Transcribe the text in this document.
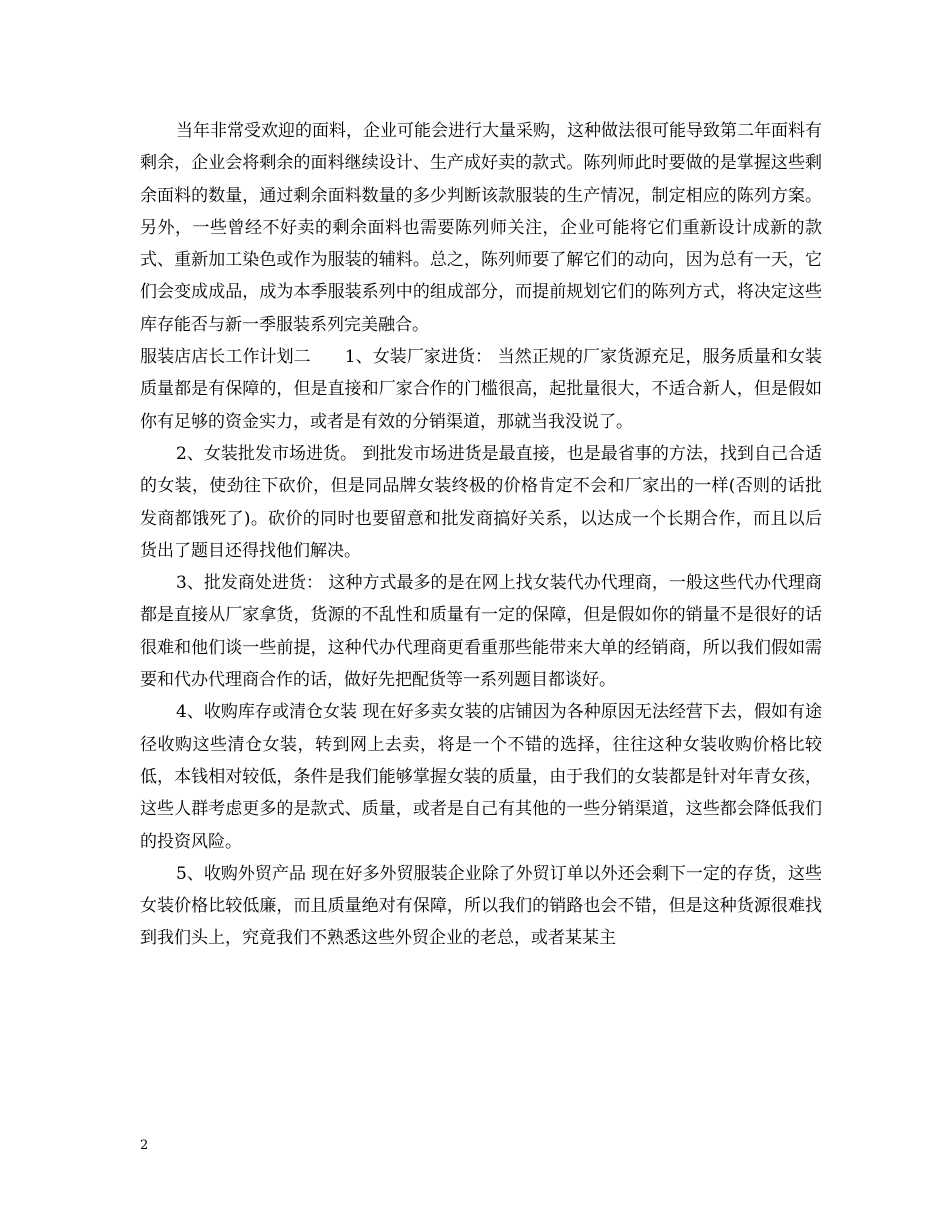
当年非常受欢迎的面料，企业可能会进行大量采购，这种做法很可能导致第二年面料有剩余，企业会将剩余的面料继续设计、生产成好卖的款式。陈列师此时要做的是掌握这些剩余面料的数量，通过剩余面料数量的多少判断该款服装的生产情况，制定相应的陈列方案。另外，一些曾经不好卖的剩余面料也需要陈列师关注，企业可能将它们重新设计成新的款式、重新加工染色或作为服装的辅料。总之，陈列师要了解它们的动向，因为总有一天，它们会变成成品，成为本季服装系列中的组成部分，而提前规划它们的陈列方式，将决定这些库存能否与新一季服装系列完美融合。

服装店店长工作计划二 1、女装厂家进货： 当然正规的厂家货源充足，服务质量和女装质量都是有保障的，但是直接和厂家合作的门槛很高，起批量很大，不适合新人，但是假如你有足够的资金实力，或者是有效的分销渠道，那就当我没说了。

2、女装批发市场进货。 到批发市场进货是最直接，也是最省事的方法，找到自己合适的女装，使劲往下砍价，但是同品牌女装终极的价格肯定不会和厂家出的一样(否则的话批发商都饿死了)。砍价的同时也要留意和批发商搞好关系，以达成一个长期合作，而且以后货出了题目还得找他们解决。

3、批发商处进货： 这种方式最多的是在网上找女装代办代理商，一般这些代办代理商都是直接从厂家拿货，货源的不乱性和质量有一定的保障，但是假如你的销量不是很好的话很难和他们谈一些前提，这种代办代理商更看重那些能带来大单的经销商，所以我们假如需要和代办代理商合作的话，做好先把配货等一系列题目都谈好。

4、收购库存或清仓女装 现在好多卖女装的店铺因为各种原因无法经营下去，假如有途径收购这些清仓女装，转到网上去卖，将是一个不错的选择，往往这种女装收购价格比较低，本钱相对较低，条件是我们能够掌握女装的质量，由于我们的女装都是针对年青女孩，这些人群考虑更多的是款式、质量，或者是自己有其他的一些分销渠道，这些都会降低我们的投资风险。

5、收购外贸产品 现在好多外贸服装企业除了外贸订单以外还会剩下一定的存货，这些女装价格比较低廉，而且质量绝对有保障，所以我们的销路也会不错，但是这种货源很难找到我们头上，究竟我们不熟悉这些外贸企业的老总，或者某某主

2
